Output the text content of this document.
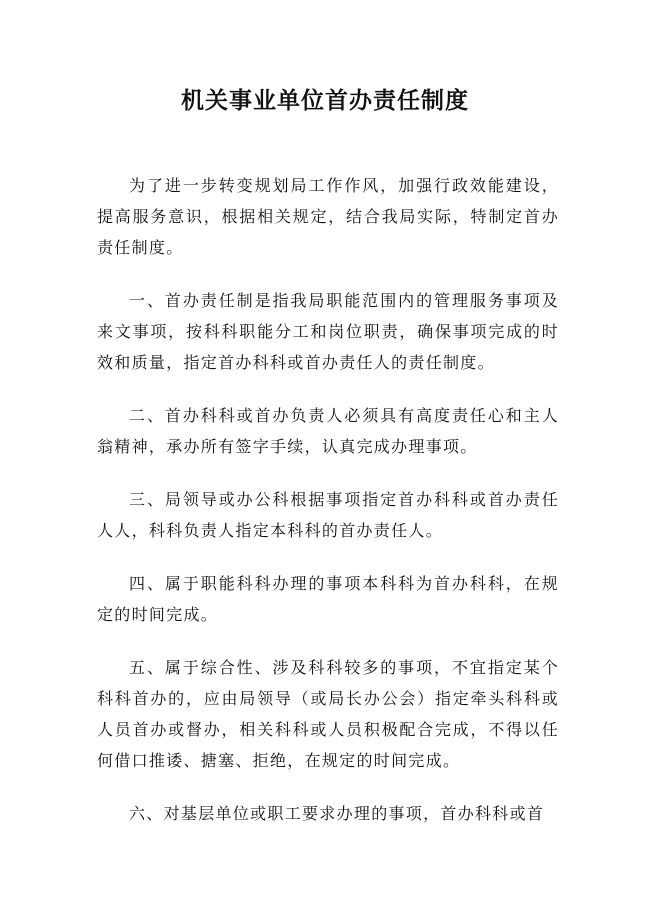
机关事业单位首办责任制度

为了进一步转变规划局工作作风，加强行政效能建设，提高服务意识，根据相关规定，结合我局实际，特制定首办责任制度。

一、首办责任制是指我局职能范围内的管理服务事项及来文事项，按科科职能分工和岗位职责，确保事项完成的时效和质量，指定首办科科或首办责任人的责任制度。

二、首办科科或首办负责人必须具有高度责任心和主人翁精神，承办所有签字手续，认真完成办理事项。

三、局领导或办公科根据事项指定首办科科或首办责任人人，科科负责人指定本科科的首办责任人。

四、属于职能科科办理的事项本科科为首办科科，在规定的时间完成。

五、属于综合性、涉及科科较多的事项，不宜指定某个科科首办的，应由局领导（或局长办公会）指定牵头科科或人员首办或督办，相关科科或人员积极配合完成，不得以任何借口推诿、搪塞、拒绝，在规定的时间完成。

六、对基层单位或职工要求办理的事项，首办科科或首
